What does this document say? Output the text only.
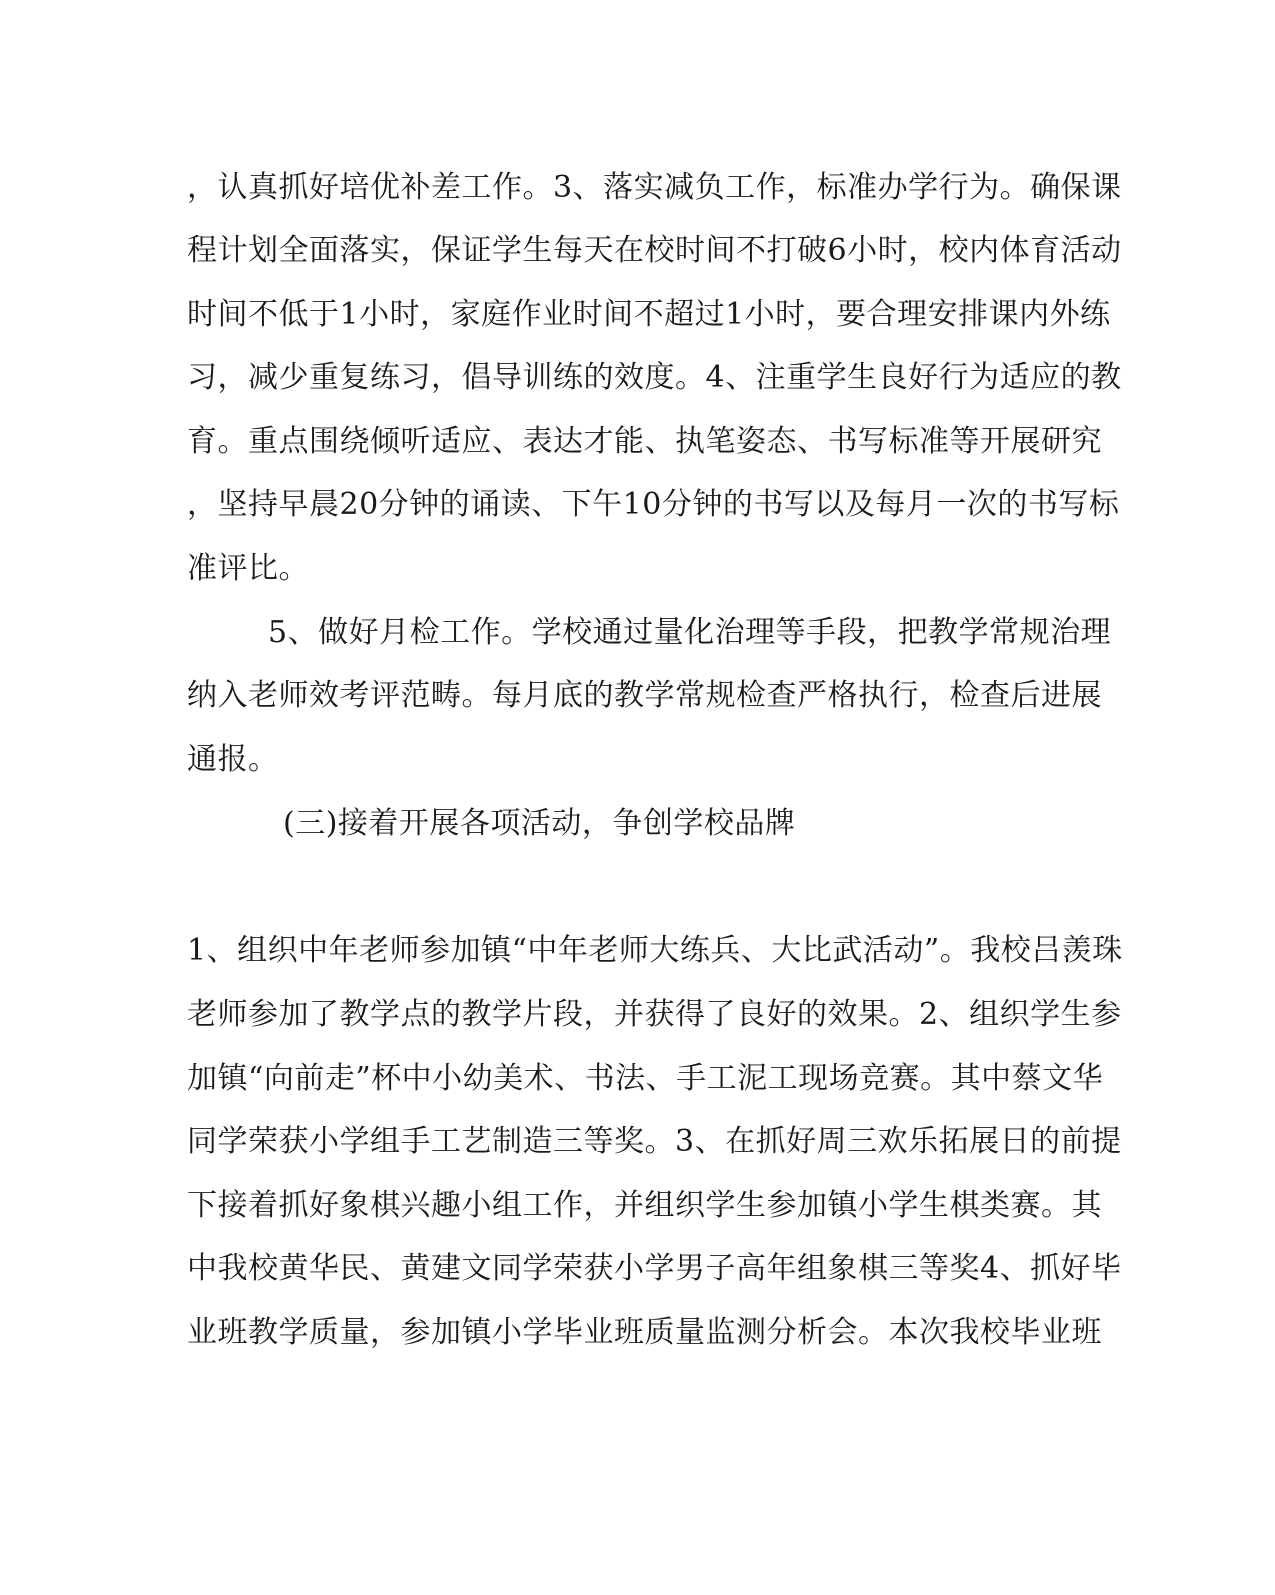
，认真抓好培优补差工作。3、落实减负工作，标准办学行为。确保课
程计划全面落实，保证学生每天在校时间不打破6小时，校内体育活动
时间不低于1小时，家庭作业时间不超过1小时，要合理安排课内外练
习，减少重复练习，倡导训练的效度。4、注重学生良好行为适应的教
育。重点围绕倾听适应、表达才能、执笔姿态、书写标准等开展研究
，坚持早晨20分钟的诵读、下午10分钟的书写以及每月一次的书写标
准评比。
5、做好月检工作。学校通过量化治理等手段，把教学常规治理
纳入老师效考评范畴。每月底的教学常规检查严格执行，检查后进展
通报。
(三)接着开展各项活动，争创学校品牌
1、组织中年老师参加镇“中年老师大练兵、大比武活动”。我校吕羡珠
老师参加了教学点的教学片段，并获得了良好的效果。2、组织学生参
加镇“向前走”杯中小幼美术、书法、手工泥工现场竞赛。其中蔡文华
同学荣获小学组手工艺制造三等奖。3、在抓好周三欢乐拓展日的前提
下接着抓好象棋兴趣小组工作，并组织学生参加镇小学生棋类赛。其
中我校黄华民、黄建文同学荣获小学男子高年组象棋三等奖4、抓好毕
业班教学质量，参加镇小学毕业班质量监测分析会。本次我校毕业班
